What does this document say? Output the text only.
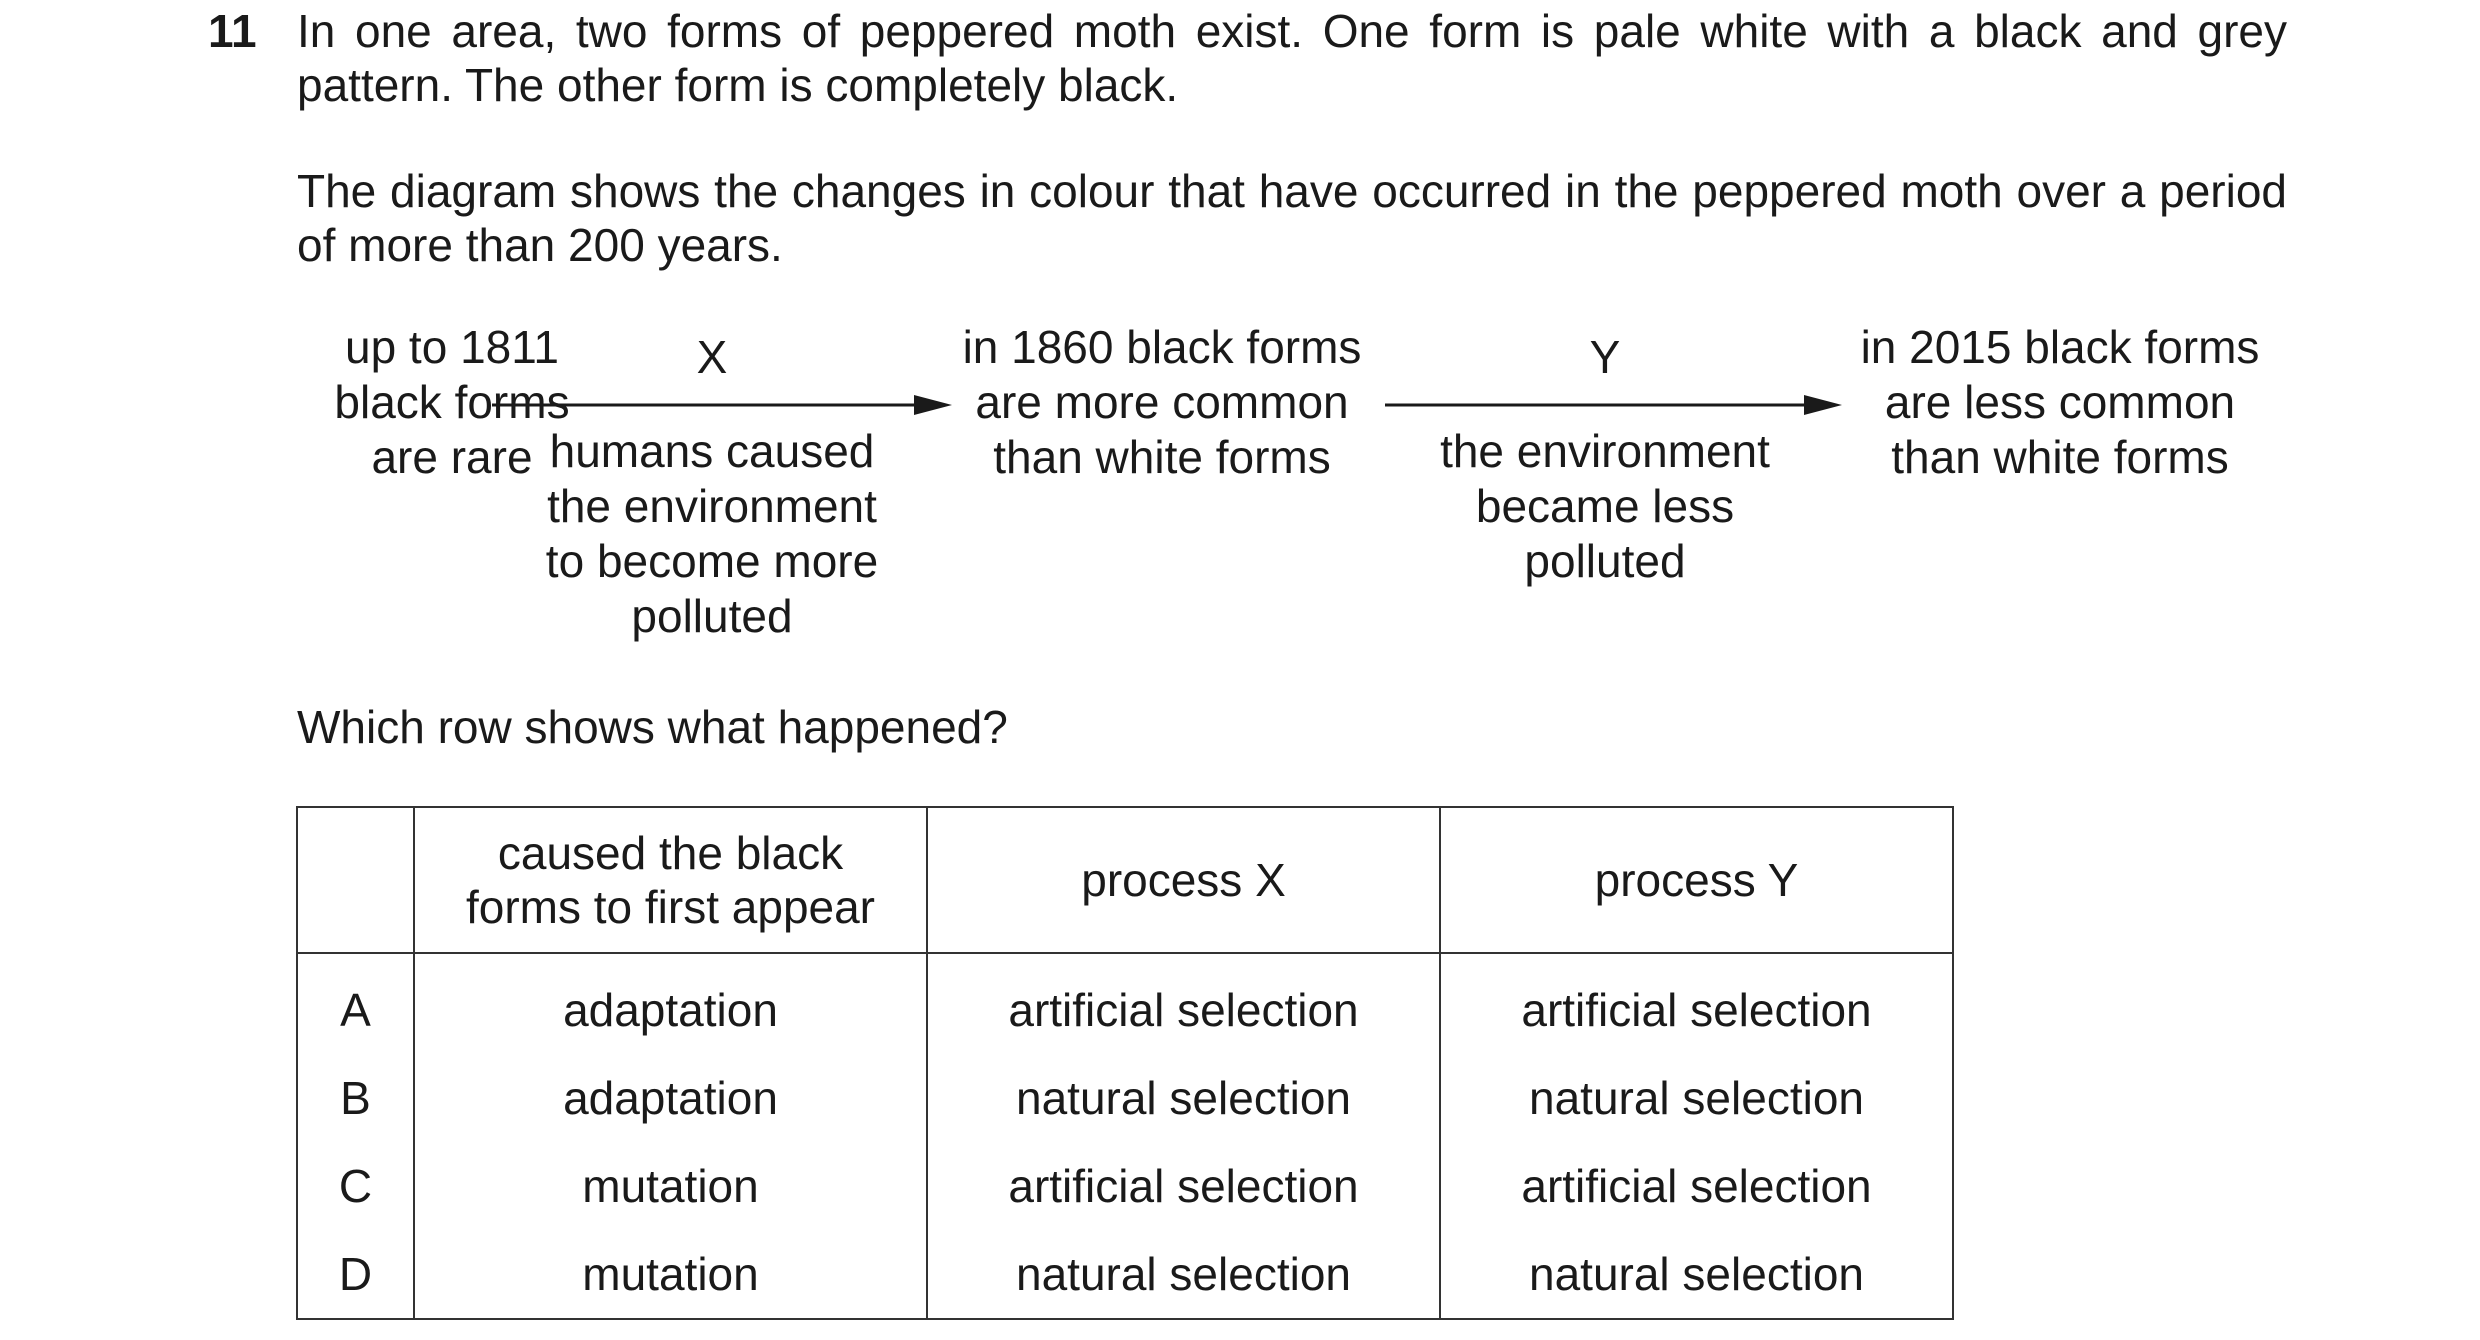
11 In one area, two forms of peppered moth exist. One form is pale white with a black and grey
pattern. The other form is completely black.
The diagram shows the changes in colour that have occurred in the peppered moth over a period
of more than 200 years.
up to 1811
black forms
are rare
X
humans caused
the environment
to become more
polluted
in 1860 black forms
are more common
than white forms
Y
the environment
became less
polluted
in 2015 black forms
are less common
than white forms
Which row shows what happened?

	caused the black
forms to first appear	process X	process Y
A	adaptation	artificial selection	artificial selection
B	adaptation	natural selection	natural selection
C	mutation	artificial selection	artificial selection
D	mutation	natural selection	natural selection
